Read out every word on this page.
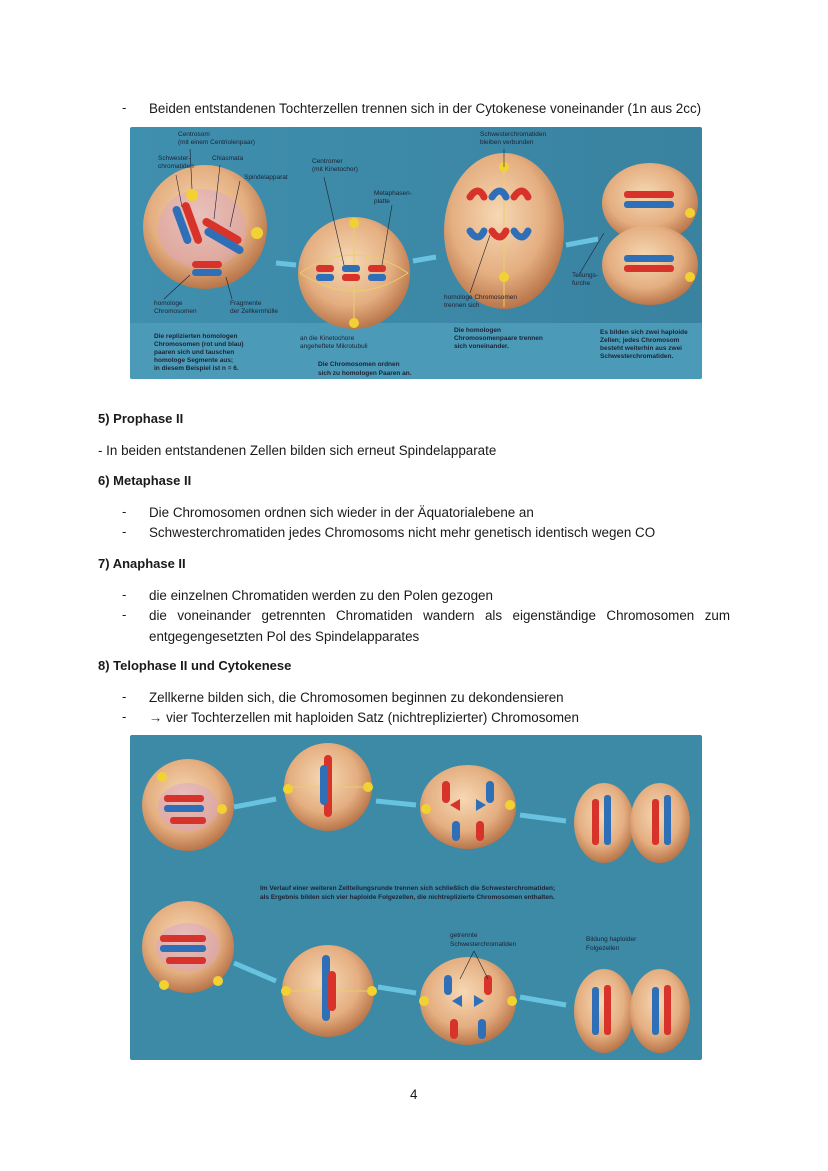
- Beiden entstandenen Tochterzellen trennen sich in der Cytokenese voneinander (1n aus 2cc)
Centrosom
(mit einem Centriolenpaar)
Schwester-
chromatiden
Chiasmata
Spindelapparat
Centromer
(mit Kinetochor)
Metaphasen-
platte
Schwesterchromatiden
bleiben verbunden
Teilungs-
furche
homologe
Chromosomen
Fragmente
der Zellkernhülle
homologe Chromosomen
trennen sich
Die replizierten homologen
Chromosomen (rot und blau)
paaren sich und tauschen
homologe Segmente aus;
in diesem Beispiel ist n = 6.
Die Chromosomen ordnen
sich zu homologen Paaren an.
Die homologen
Chromosomenpaare trennen
sich voneinander.
Es bilden sich zwei haploide
Zellen; jedes Chromosom
besteht weiterhin aus zwei
Schwesterchromatiden.
an die Kinetochore
angeheftete Mikrotubuli
5) Prophase II
- In beiden entstandenen Zellen bilden sich erneut Spindelapparate
6) Metaphase II
- Die Chromosomen ordnen sich wieder in der Äquatorialebene an
- Schwesterchromatiden jedes Chromosoms nicht mehr genetisch identisch wegen CO
7) Anaphase II
- die einzelnen Chromatiden werden zu den Polen gezogen
- die voneinander getrennten Chromatiden wandern als eigenständige Chromosomen zum
entgegengesetzten Pol des Spindelapparates
8) Telophase II und Cytokenese
- Zellkerne bilden sich, die Chromosomen beginnen zu dekondensieren
- → vier Tochterzellen mit haploiden Satz (nichtreplizierter) Chromosomen
Im Verlauf einer weiteren Zellteilungsrunde trennen sich schließlich die Schwesterchromatiden;
als Ergebnis bilden sich vier haploide Folgezellen, die nichtreplizierte Chromosomen enthalten.
getrennte
Schwesterchromatiden
Bildung haploider
Folgezellen
4
